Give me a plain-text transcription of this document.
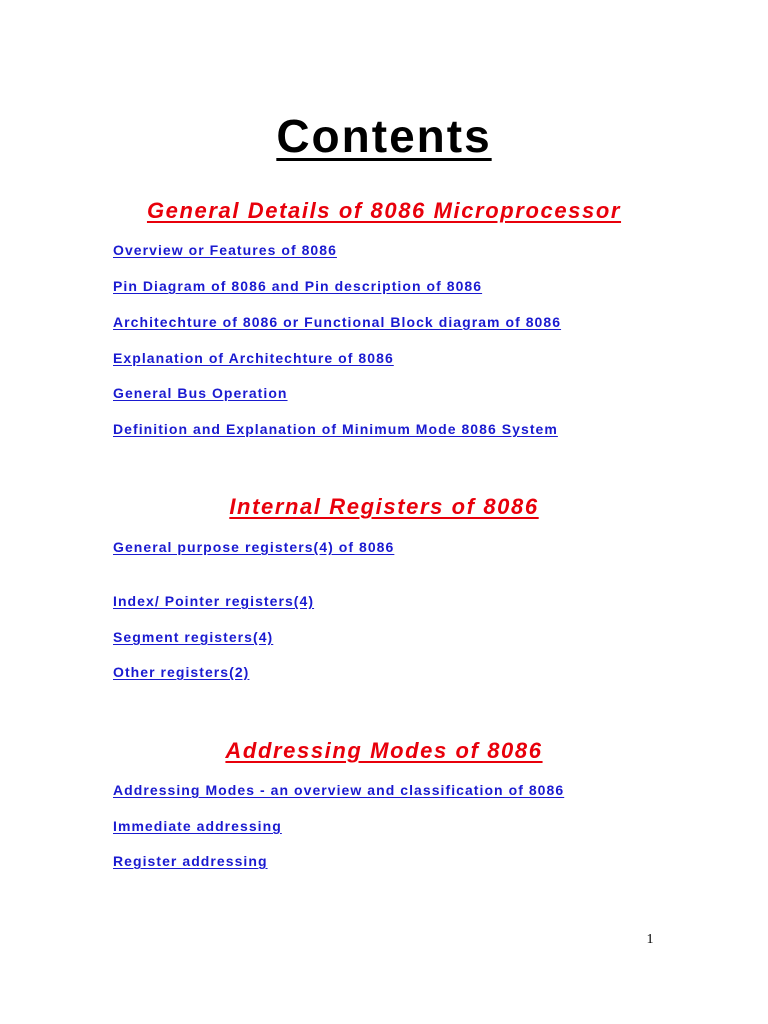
Contents
General Details of 8086 Microprocessor
Overview or Features of 8086
Pin Diagram of 8086 and Pin description of 8086
Architechture of 8086 or Functional Block diagram of 8086
Explanation of Architechture of 8086
General Bus Operation
Definition and Explanation of Minimum Mode 8086 System
Internal Registers of 8086
General purpose registers(4) of 8086
Index/ Pointer registers(4)
Segment registers(4)
Other registers(2)
Addressing Modes of 8086
Addressing Modes - an overview and classification of 8086
Immediate addressing
Register addressing
1
